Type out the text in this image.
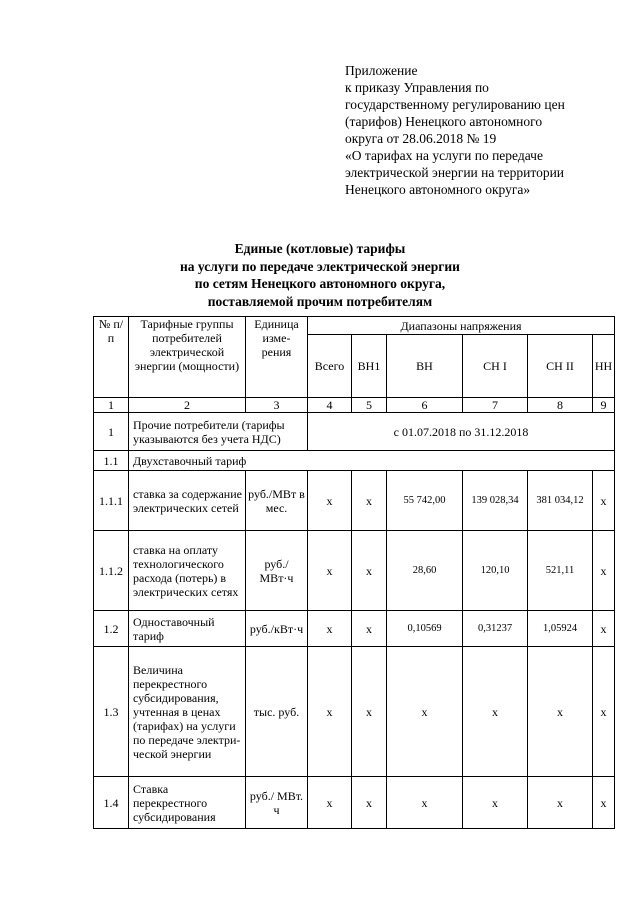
Приложение
к приказу Управления по
государственному регулированию цен
(тарифов) Ненецкого автономного
округа от 28.06.2018 № 19
«О тарифах на услуги по передаче
электрической энергии на территории
Ненецкого автономного округа»
Единые (котловые) тарифы
на услуги по передаче электрической энергии
по сетям Ненецкого автономного округа,
поставляемой прочим потребителям
№ п/п	Тарифные группы потребителей электрической энергии (мощности)	Единица изме-рения	Диапазоны напряжения					
			Всего	ВН1	ВН	СН I	СН II	НН
1	2	3	4	5	6	7	8	9
1	Прочие потребители (тарифы указываются без учета НДС)		с 01.07.2018 по 31.12.2018					
1.1	Двухставочный тариф							
1.1.1	ставка за содержание электрических сетей	руб./МВт в мес.	х	х	55 742,00	139 028,34	381 034,12	х
1.1.2	ставка на оплату технологического расхода (потерь) в электрических сетях	руб./ МВт·ч	х	х	28,60	120,10	521,11	х
1.2	Одноставочный тариф	руб./кВт·ч	х	х	0,10569	0,31237	1,05924	х
1.3	Величина перекрестного субсидирования, учтенная в ценах (тарифах) на услуги по передаче электри-ческой энергии	тыс. руб.	х	х	х	х	х	х
1.4	Ставка перекрестного субсидирования	руб./ МВт. ч	х	х	х	х	х	х
